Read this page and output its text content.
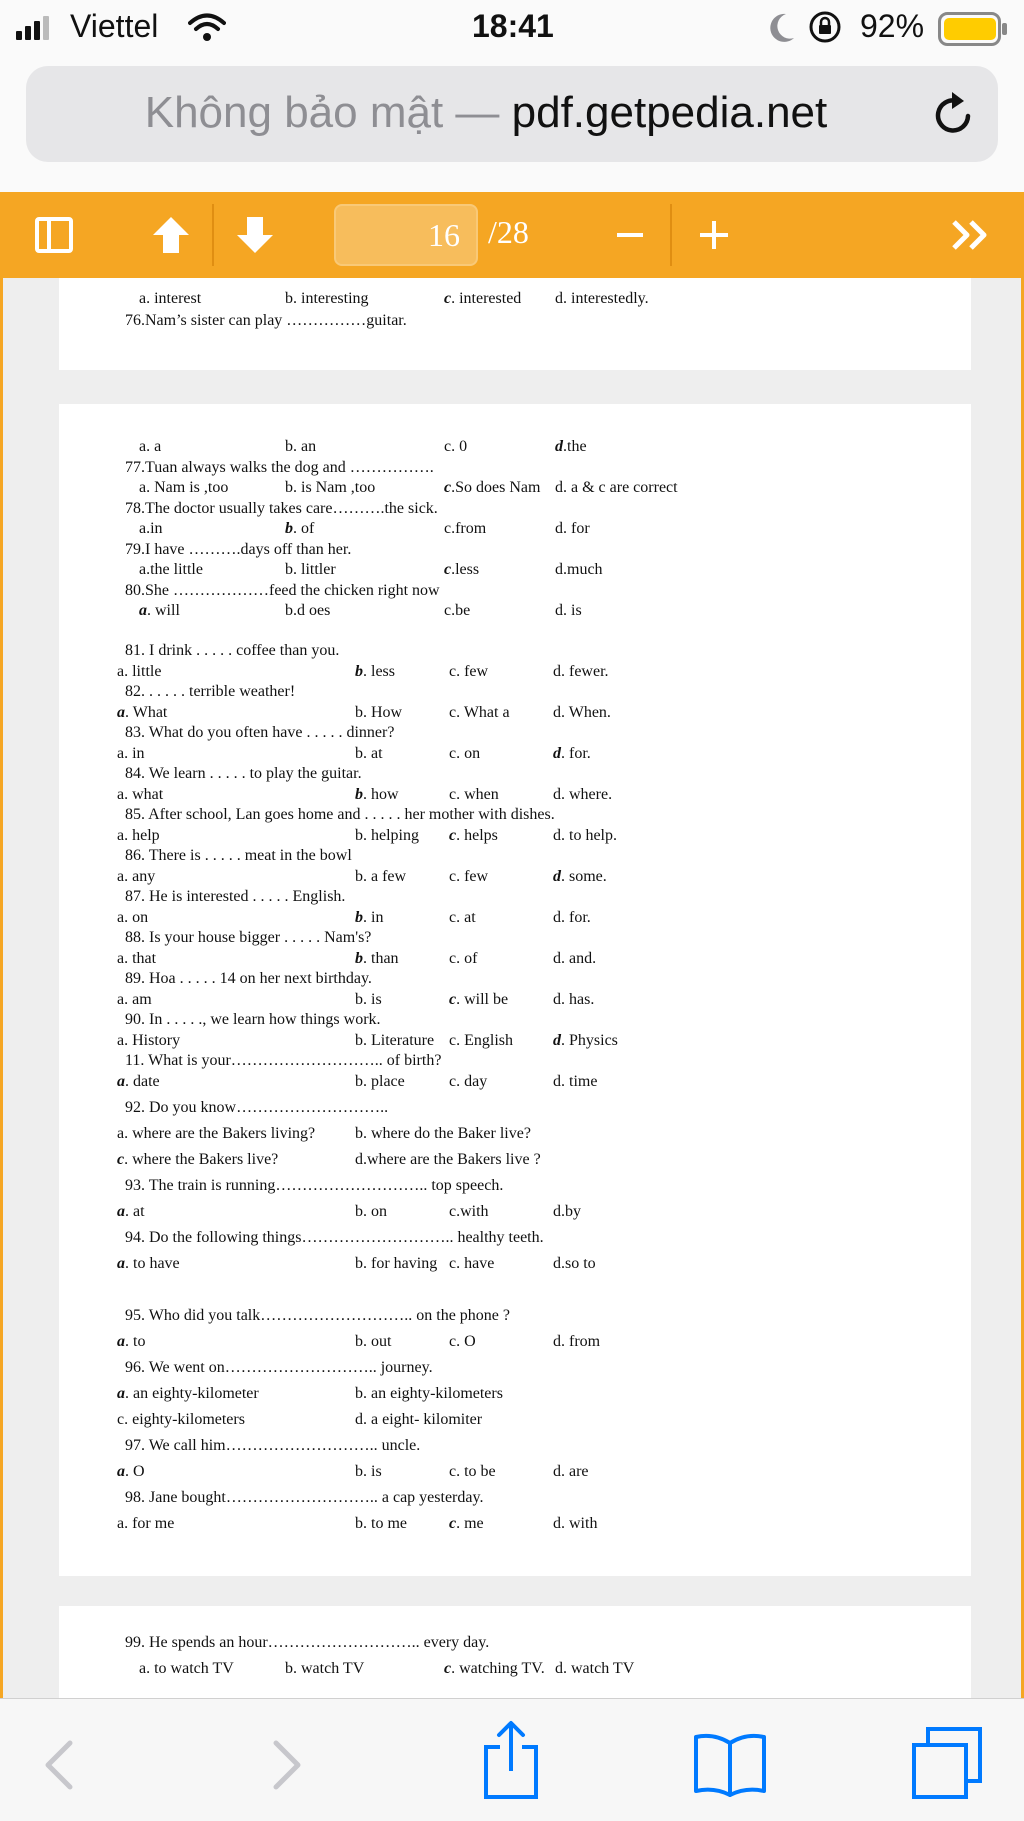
Viettel	18:41	92%
Không bảo mật — pdf.getpedia.net
16
/28
a. interest	b. interesting	c. interested d. interestedly.
76.Nam’s sister can play ……………guitar.
a. a	b. an	c. 0	d.the
77.Tuan always walks the dog and …………….
a. Nam is ,too	b. is Nam ,too	c.So does Nam d. a & c are correct
78.The doctor usually takes care……….the sick.
a.in	b. of	c.from	d. for
79.I have ……….days off than her.
a.the little	b. littler	c.less	d.much
80.She ………………feed the chicken right now
a. will	b.d oes	c.be	d. is
81. I drink . . . . . coffee than you.
a. little	b. less	c. few	d. fewer.
82. . . . . . terrible weather!
a. What	b. How	c. What a	d. When.
83. What do you often have . . . . . dinner?
a. in	b. at	c. on	d. for.
84. We learn . . . . . to play the guitar.
a. what	b. how	c. when	d. where.
85. After school, Lan goes home and . . . . . her mother with dishes.
a. help	b. helping c. helps	d. to help.
86. There is . . . . . meat in the bowl
a. any	b. a few	c. few	d. some.
87. He is interested . . . . . English.
a. on	b. in	c. at	d. for.
88. Is your house bigger . . . . . Nam's?
a. that	b. than	c. of	d. and.
89. Hoa . . . . . 14 on her next birthday.
a. am	b. is	c. will be	d. has.
90. In . . . . ., we learn how things work.
a. History	b. Literature c. English	d. Physics
11. What is your……………………….. of birth?
a. date	b. place	c. day	d. time
92. Do you know………………………..
a. where are the Bakers living? b. where do the Baker live?
c. where the Bakers live?	d.where are the Bakers live ?
93. The train is running……………………….. top speech.
a. at	b. on	c.with	d.by
94. Do the following things……………………….. healthy teeth.
a. to have	b. for having c. have	d.so to
95. Who did you talk……………………….. on the phone ?
a. to	b. out	c. O	d. from
96. We went on……………………….. journey.
a. an eighty-kilometer	b. an eighty-kilometers
c. eighty-kilometers	d. a eight- kilomiter
97. We call him……………………….. uncle.
a. O	b. is	c. to be	d. are
98. Jane bought……………………….. a cap yesterday.
a. for me	b. to me	c. me	d. with
99. He spends an hour……………………….. every day.
a. to watch TV	b. watch TV	c. watching TV. d. watch TV
